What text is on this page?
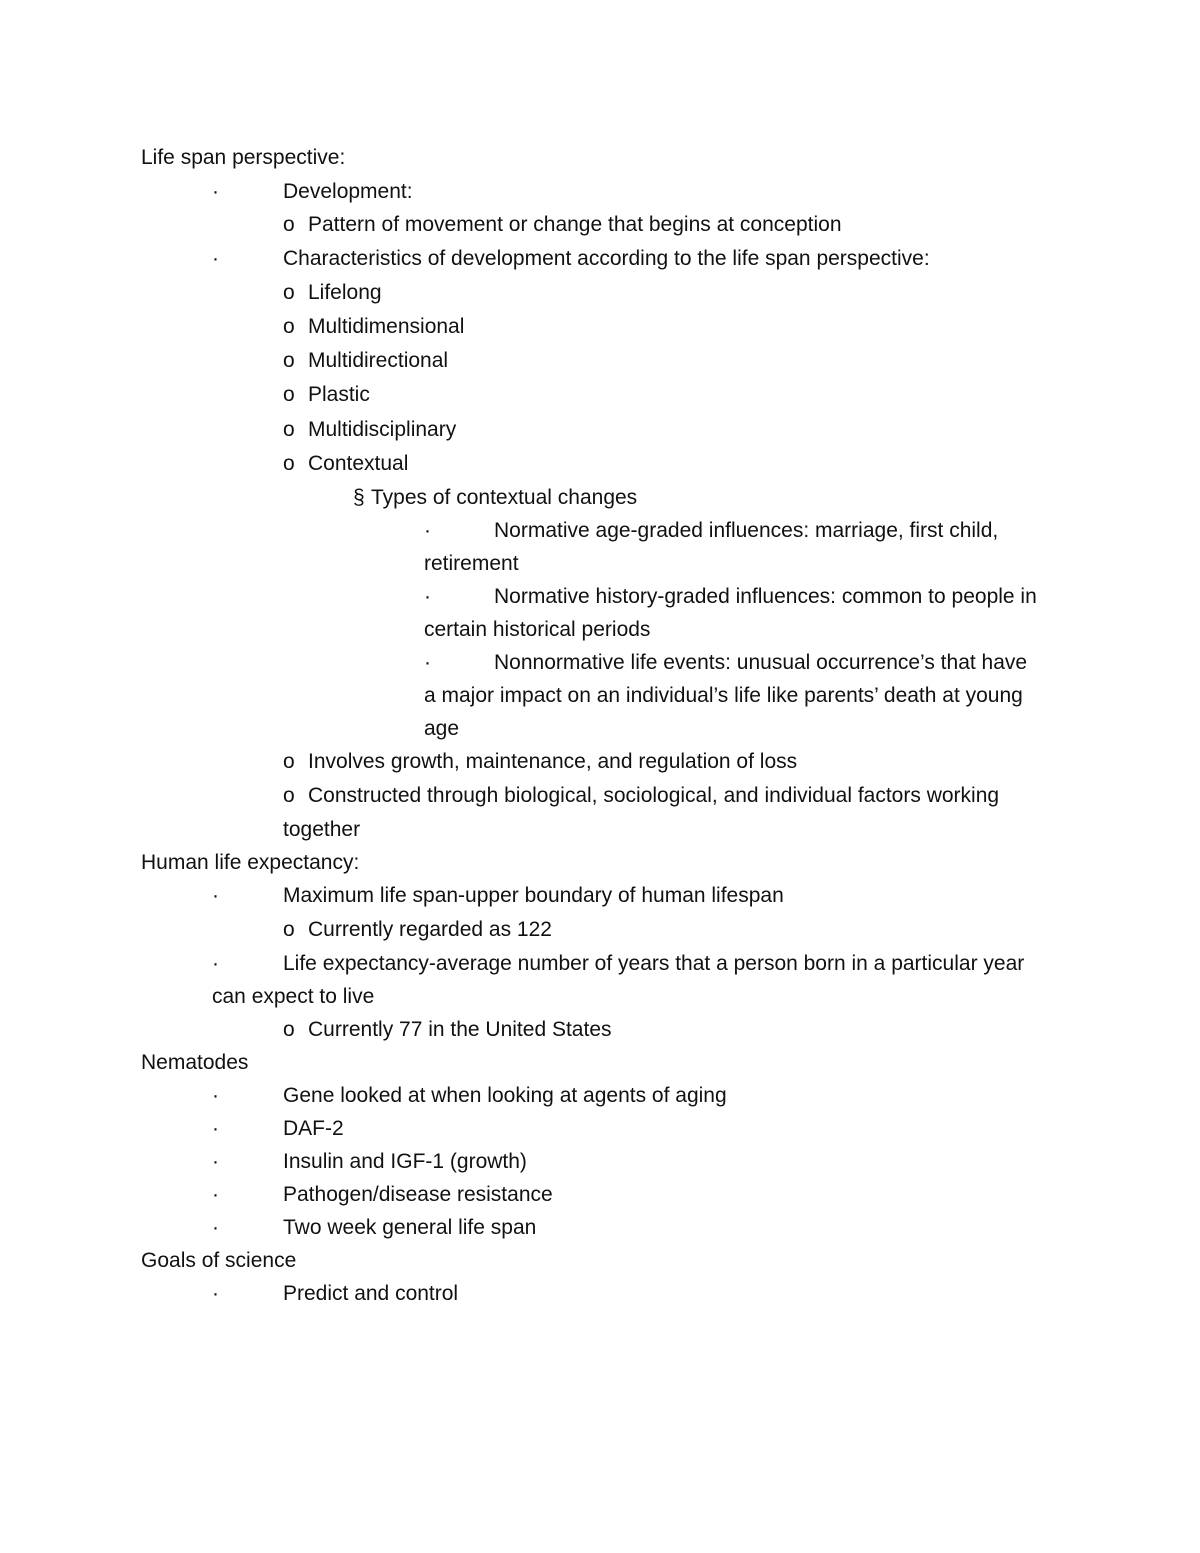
Life span perspective:
·	Development:
o Pattern of movement or change that begins at conception
·	Characteristics of development according to the life span perspective:
o Lifelong
o Multidimensional
o Multidirectional
o Plastic
o Multidisciplinary
o Contextual
§ Types of contextual changes
·	Normative age-graded influences: marriage, first child,
retirement
·	Normative history-graded influences: common to people in
certain historical periods
·	Nonnormative life events: unusual occurrence’s that have
a major impact on an individual’s life like parents’ death at young
age
o Involves growth, maintenance, and regulation of loss
o Constructed through biological, sociological, and individual factors working
together
Human life expectancy:
·	Maximum life span-upper boundary of human lifespan
o Currently regarded as 122
·	Life expectancy-average number of years that a person born in a particular year
can expect to live
o Currently 77 in the United States
Nematodes
·	Gene looked at when looking at agents of aging
·	DAF-2
·	Insulin and IGF-1 (growth)
·	Pathogen/disease resistance
·	Two week general life span
Goals of science
·	Predict and control
